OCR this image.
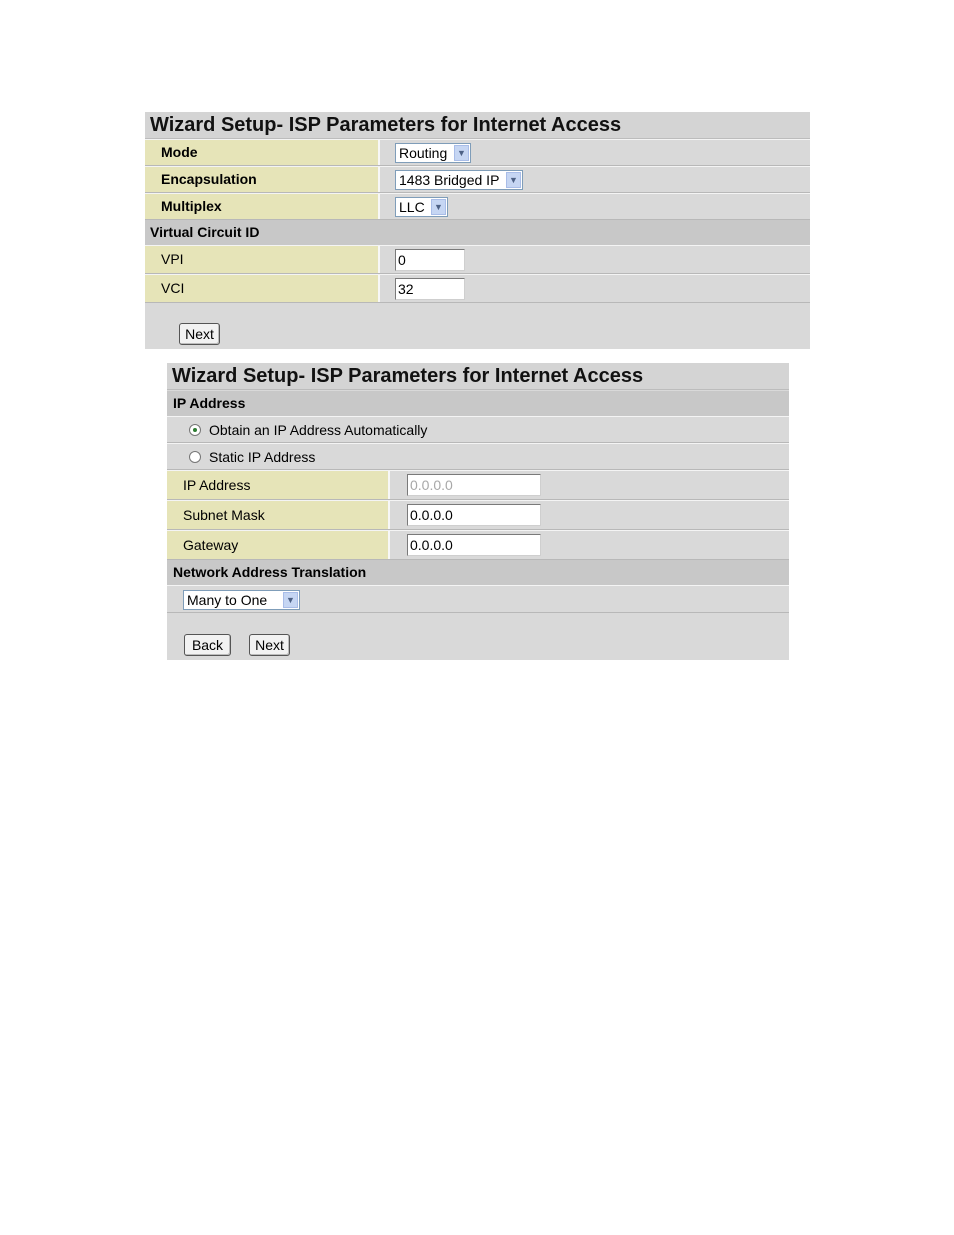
Wizard Setup- ISP Parameters for Internet Access
Mode	Routing	▼
Encapsulation	1483 Bridged IP	▼
Multiplex	LLC	▼
Virtual Circuit ID
VPI	0
VCI	32
Next
Wizard Setup- ISP Parameters for Internet Access
IP Address
Obtain an IP Address Automatically
Static IP Address
IP Address	0.0.0.0
Subnet Mask	0.0.0.0
Gateway	0.0.0.0
Network Address Translation
Many to One	▼
Back	Next
